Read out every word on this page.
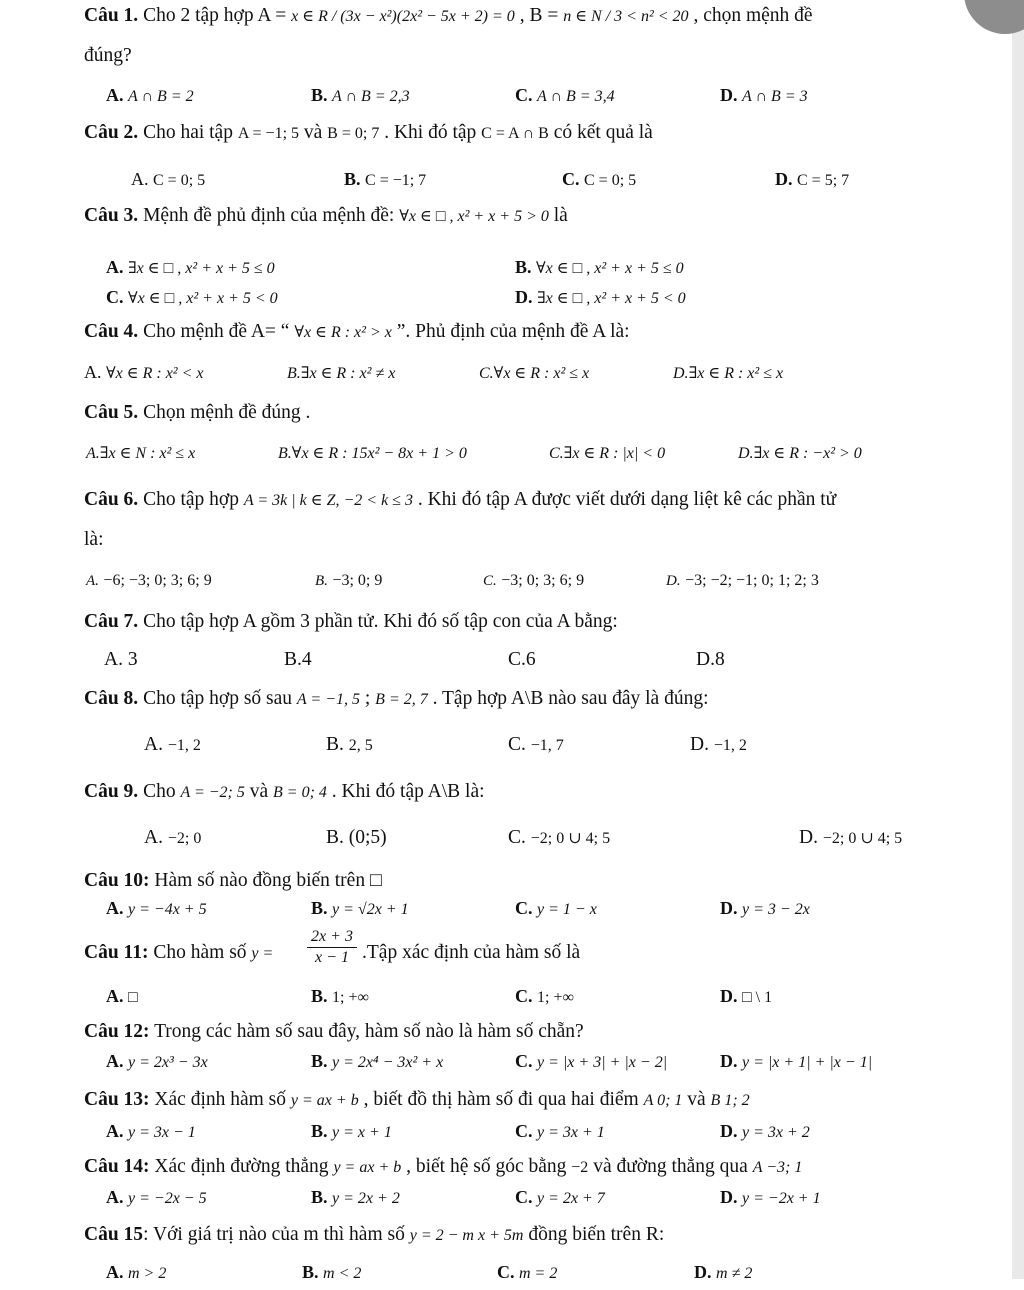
Câu 1. Cho 2 tập hợp A = x ∈ R / (3x − x²)(2x² − 5x + 2) = 0 , B = n ∈ N / 3 < n² < 20 , chọn mệnh đề
đúng?
A. A ∩ B = 2	B. A ∩ B = 2,3	C. A ∩ B = 3,4	D. A ∩ B = 3
Câu 2. Cho hai tập A = −1; 5 và B = 0; 7 . Khi đó tập C = A ∩ B có kết quả là
A. C = 0; 5	B. C = −1; 7	C. C = 0; 5	D. C = 5; 7
Câu 3. Mệnh đề phủ định của mệnh đề: ∀x ∈ □ , x² + x + 5 > 0 là
A. ∃x ∈ □ , x² + x + 5 ≤ 0	B. ∀x ∈ □ , x² + x + 5 ≤ 0
C. ∀x ∈ □ , x² + x + 5 < 0	D. ∃x ∈ □ , x² + x + 5 < 0
Câu 4. Cho mệnh đề A= “ ∀x ∈ R : x² > x ”. Phủ định của mệnh đề A là:
A. ∀x ∈ R : x² < x	B.∃x ∈ R : x² ≠ x	C.∀x ∈ R : x² ≤ x	D.∃x ∈ R : x² ≤ x
Câu 5. Chọn mệnh đề đúng .
A.∃x ∈ N : x² ≤ x	B.∀x ∈ R : 15x² − 8x + 1 > 0	C.∃x ∈ R : |x| < 0	D.∃x ∈ R : −x² > 0
Câu 6. Cho tập hợp A = 3k | k ∈ Z, −2 < k ≤ 3 . Khi đó tập A được viết dưới dạng liệt kê các phần tử
là:
A. −6; −3; 0; 3; 6; 9	B. −3; 0; 9	C. −3; 0; 3; 6; 9	D. −3; −2; −1; 0; 1; 2; 3
Câu 7. Cho tập hợp A gồm 3 phần tử. Khi đó số tập con của A bằng:
A. 3	B.4	C.6	D.8
Câu 8. Cho tập hợp số sau A = −1, 5 ; B = 2, 7 . Tập hợp A\B nào sau đây là đúng:
A. −1, 2	B. 2, 5	C. −1, 7	D. −1, 2
Câu 9. Cho A = −2; 5 và B = 0; 4 . Khi đó tập A\B là:
A. −2; 0	B. (0;5)	C. −2; 0 ∪ 4; 5	D. −2; 0 ∪ 4; 5
Câu 10: Hàm số nào đồng biến trên □
A. y = −4x + 5	B. y = √2x + 1	C. y = 1 − x	D. y = 3 − 2x
Câu 11: Cho hàm số y =
2x + 3
x − 1 .Tập xác định của hàm số là
A. □	B. 1; +∞	C. 1; +∞	D. □ \ 1
Câu 12: Trong các hàm số sau đây, hàm số nào là hàm số chẵn?
A. y = 2x³ − 3x	B. y = 2x⁴ − 3x² + x	C. y = |x + 3| + |x − 2|	D. y = |x + 1| + |x − 1|
Câu 13: Xác định hàm số y = ax + b , biết đồ thị hàm số đi qua hai điểm A 0; 1 và B 1; 2
A. y = 3x − 1	B. y = x + 1	C. y = 3x + 1	D. y = 3x + 2
Câu 14: Xác định đường thẳng y = ax + b , biết hệ số góc bằng −2 và đường thẳng qua A −3; 1
A. y = −2x − 5	B. y = 2x + 2	C. y = 2x + 7	D. y = −2x + 1
Câu 15: Với giá trị nào của m thì hàm số y = 2 − m x + 5m đồng biến trên R:
A. m > 2	B. m < 2	C. m = 2	D. m ≠ 2
